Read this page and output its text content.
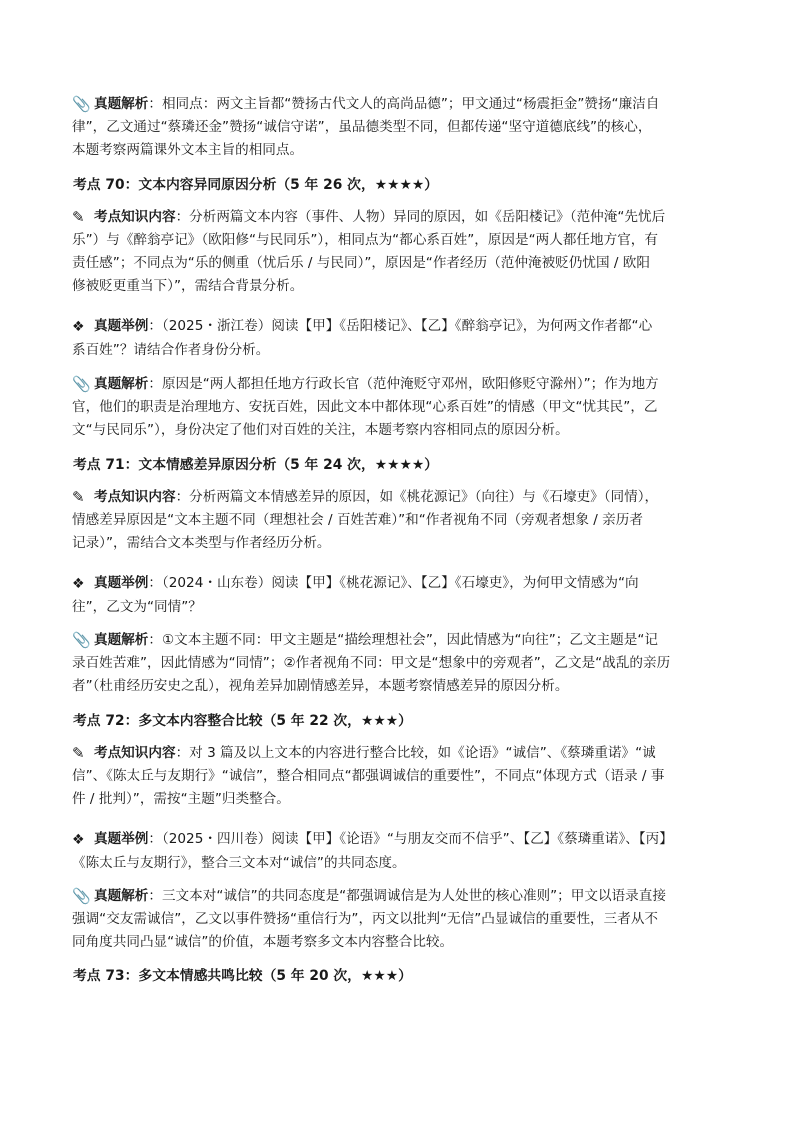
📎 真题解析 ： 相同点：两文主旨都“赞扬古代文人的高尚品德”；甲文通过“杨震拒金”赞扬“廉洁自
律”，乙文通过“蔡璘还金”赞扬“诚信守诺”，虽品德类型不同，但都传递“坚守道德底线”的核心，
本题考察两篇课外文本主旨的相同点。
考点 70：文本内容异同原因分析（5 年 26 次，★★★★）
✎ 考点知识内容 ： 分析两篇文本内容（事件、人物）异同的原因，如《岳阳楼记》（范仲淹“先忧后
乐”）与《醉翁亭记》（欧阳修“与民同乐”），相同点为“都心系百姓”，原因是“两人都任地方官，有
责任感”；不同点为“乐的侧重（忧后乐 / 与民同）”，原因是“作者经历（范仲淹被贬仍忧国 / 欧阳
修被贬更重当下）”，需结合背景分析。
❖ 真题举例 ： （2025・浙江卷）阅读【甲】《岳阳楼记》、【乙】《醉翁亭记》，为何两文作者都“心
系百姓”？请结合作者身份分析。
📎 真题解析 ： 原因是“两人都担任地方行政长官（范仲淹贬守邓州，欧阳修贬守滁州）”；作为地方
官，他们的职责是治理地方、安抚百姓，因此文本中都体现“心系百姓”的情感（甲文“忧其民”，乙
文“与民同乐”），身份决定了他们对百姓的关注，本题考察内容相同点的原因分析。
考点 71：文本情感差异原因分析（5 年 24 次，★★★★）
✎ 考点知识内容 ： 分析两篇文本情感差异的原因，如《桃花源记》（向往）与《石壕吏》（同情），
情感差异原因是“文本主题不同（理想社会 / 百姓苦难）”和“作者视角不同（旁观者想象 / 亲历者
记录）”，需结合文本类型与作者经历分析。
❖ 真题举例 ： （2024・山东卷）阅读【甲】《桃花源记》、【乙】《石壕吏》，为何甲文情感为“向
往”，乙文为“同情”？
📎 真题解析 ： ①文本主题不同：甲文主题是“描绘理想社会”，因此情感为“向往”；乙文主题是“记
录百姓苦难”，因此情感为“同情”；②作者视角不同：甲文是“想象中的旁观者”，乙文是“战乱的亲历
者”（杜甫经历安史之乱），视角差异加剧情感差异，本题考察情感差异的原因分析。
考点 72：多文本内容整合比较（5 年 22 次，★★★）
✎ 考点知识内容 ： 对 3 篇及以上文本的内容进行整合比较，如《论语》“诚信”、《蔡璘重诺》“诚
信”、《陈太丘与友期行》“诚信”，整合相同点“都强调诚信的重要性”，不同点“体现方式（语录 / 事
件 / 批判）”，需按“主题”归类整合。
❖ 真题举例 ： （2025・四川卷）阅读【甲】《论语》“与朋友交而不信乎”、【乙】《蔡璘重诺》、【丙】
《陈太丘与友期行》，整合三文本对“诚信”的共同态度。
📎 真题解析 ： 三文本对“诚信”的共同态度是“都强调诚信是为人处世的核心准则”；甲文以语录直接
强调“交友需诚信”，乙文以事件赞扬“重信行为”，丙文以批判“无信”凸显诚信的重要性，三者从不
同角度共同凸显“诚信”的价值，本题考察多文本内容整合比较。
考点 73：多文本情感共鸣比较（5 年 20 次，★★★）
